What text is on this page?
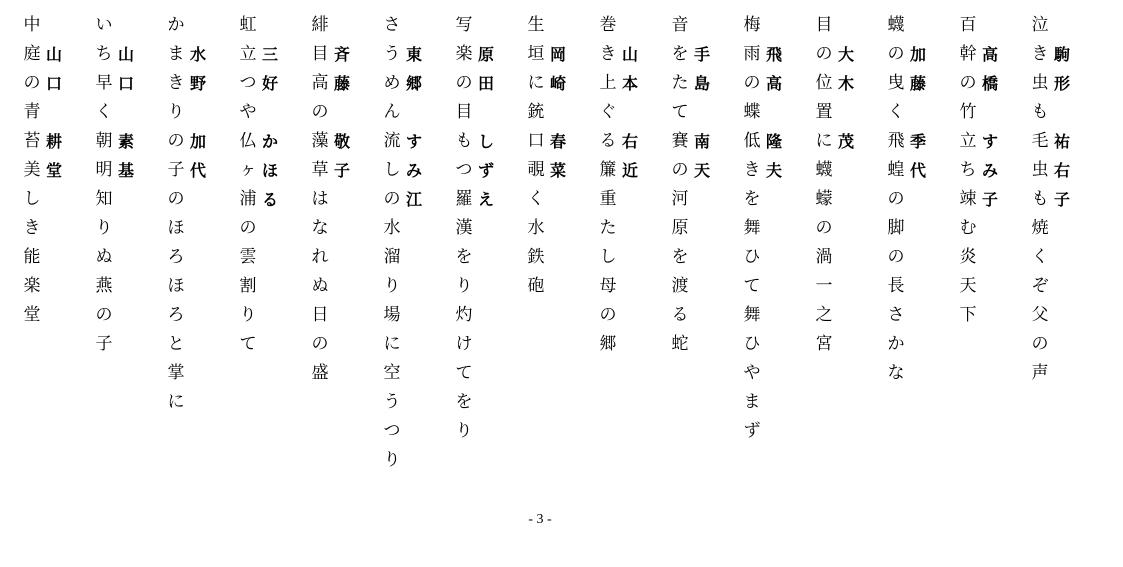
泣
き
虫
も
毛
虫
も
焼
く
ぞ
父
の
声
駒
形
祐
右
子
百
幹
の
竹
立
ち
竦
む
炎
天
下
高
橋
す
み
子
蠛
の
曳
く
飛
蝗
の
脚
の
長
さ
か
な
加
藤
季
代
目
の
位
置
に
蠛
蠓
の
渦
一
之
宮
大
木
茂
梅
雨
の
蝶
低
き
を
舞
ひ
て
舞
ひ
や
ま
ず
飛
高
隆
夫
音
を
た
て
賽
の
河
原
を
渡
る
蛇
手
島
南
天
巻
き
上
ぐ
る
簾
重
た
し
母
の
郷
山
本
右
近
生
垣
に
銃
口
覗
く
水
鉄
砲
岡
崎
春
菜
写
楽
の
目
も
つ
羅
漢
を
り
灼
け
て
を
り
原
田
し
ず
え
さ
う
め
ん
流
し
の
水
溜
り
場
に
空
う
つ
り
東
郷
す
み
江
緋
目
高
の
藻
草
は
な
れ
ぬ
日
の
盛
斉
藤
敬
子
虹
立
つ
や
仏
ヶ
浦
の
雲
割
り
て
三
好
か
ほ
る
か
ま
き
り
の
子
の
ほ
ろ
ほ
ろ
と
掌
に
水
野
加
代
い
ち
早
く
朝
明
知
り
ぬ
燕
の
子
山
口
素
基
中
庭
の
青
苔
美
し
き
能
楽
堂
山
口
耕
堂
- 3 -
